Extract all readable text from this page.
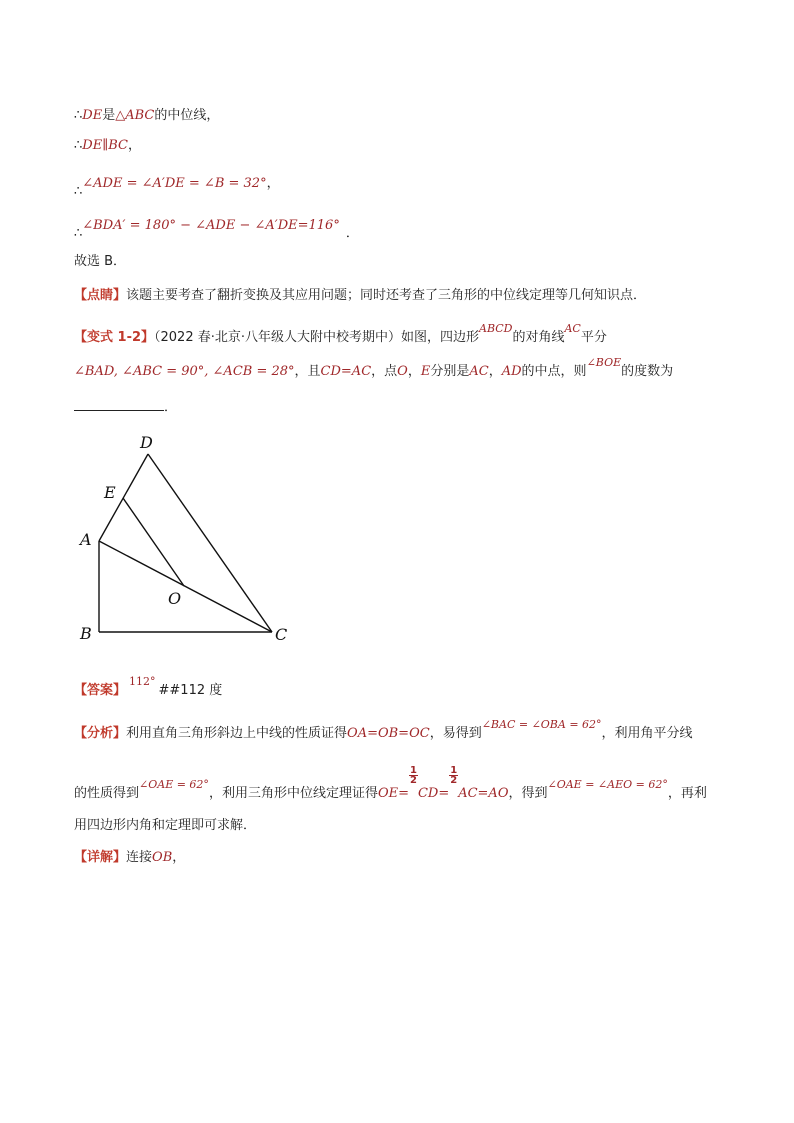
∴DE是△ABC的中位线，
∴DE∥BC，
∴∠ADE = ∠A′DE = ∠B = 32°，
∴∠BDA′ = 180° − ∠ADE − ∠A′DE=116°．
故选 B．
【点睛】该题主要考查了翻折变换及其应用问题；同时还考查了三角形的中位线定理等几何知识点．
【变式 1-2】（2022 春·北京·八年级人大附中校考期中）如图，四边形$^{ABCD}$的对角线$^{AC}$平分
∠BAD, ∠ABC = 90°, ∠ACB = 28°，且CD=AC，点O，E分别是AC，AD的中点，则$^{\angle BOE}$的度数为
．
D
E
A
O
B	C
【答案】$^{112^\circ}$##112 度
【分析】利用直角三角形斜边上中线的性质证得OA=OB=OC，易得到$^{\angle BAC = \angle OBA = 62^\circ}$，利用角平分线
的性质得到$^{\angle OAE = 62^\circ}$，利用三角形中位线定理证得OE=
$\frac{1}{2}$
CD=
$\frac{1}{2}$
AC=AO，得到$^{\angle OAE = \angle AEO = 62^\circ}$，再利
用四边形内角和定理即可求解．
【详解】连接OB，
